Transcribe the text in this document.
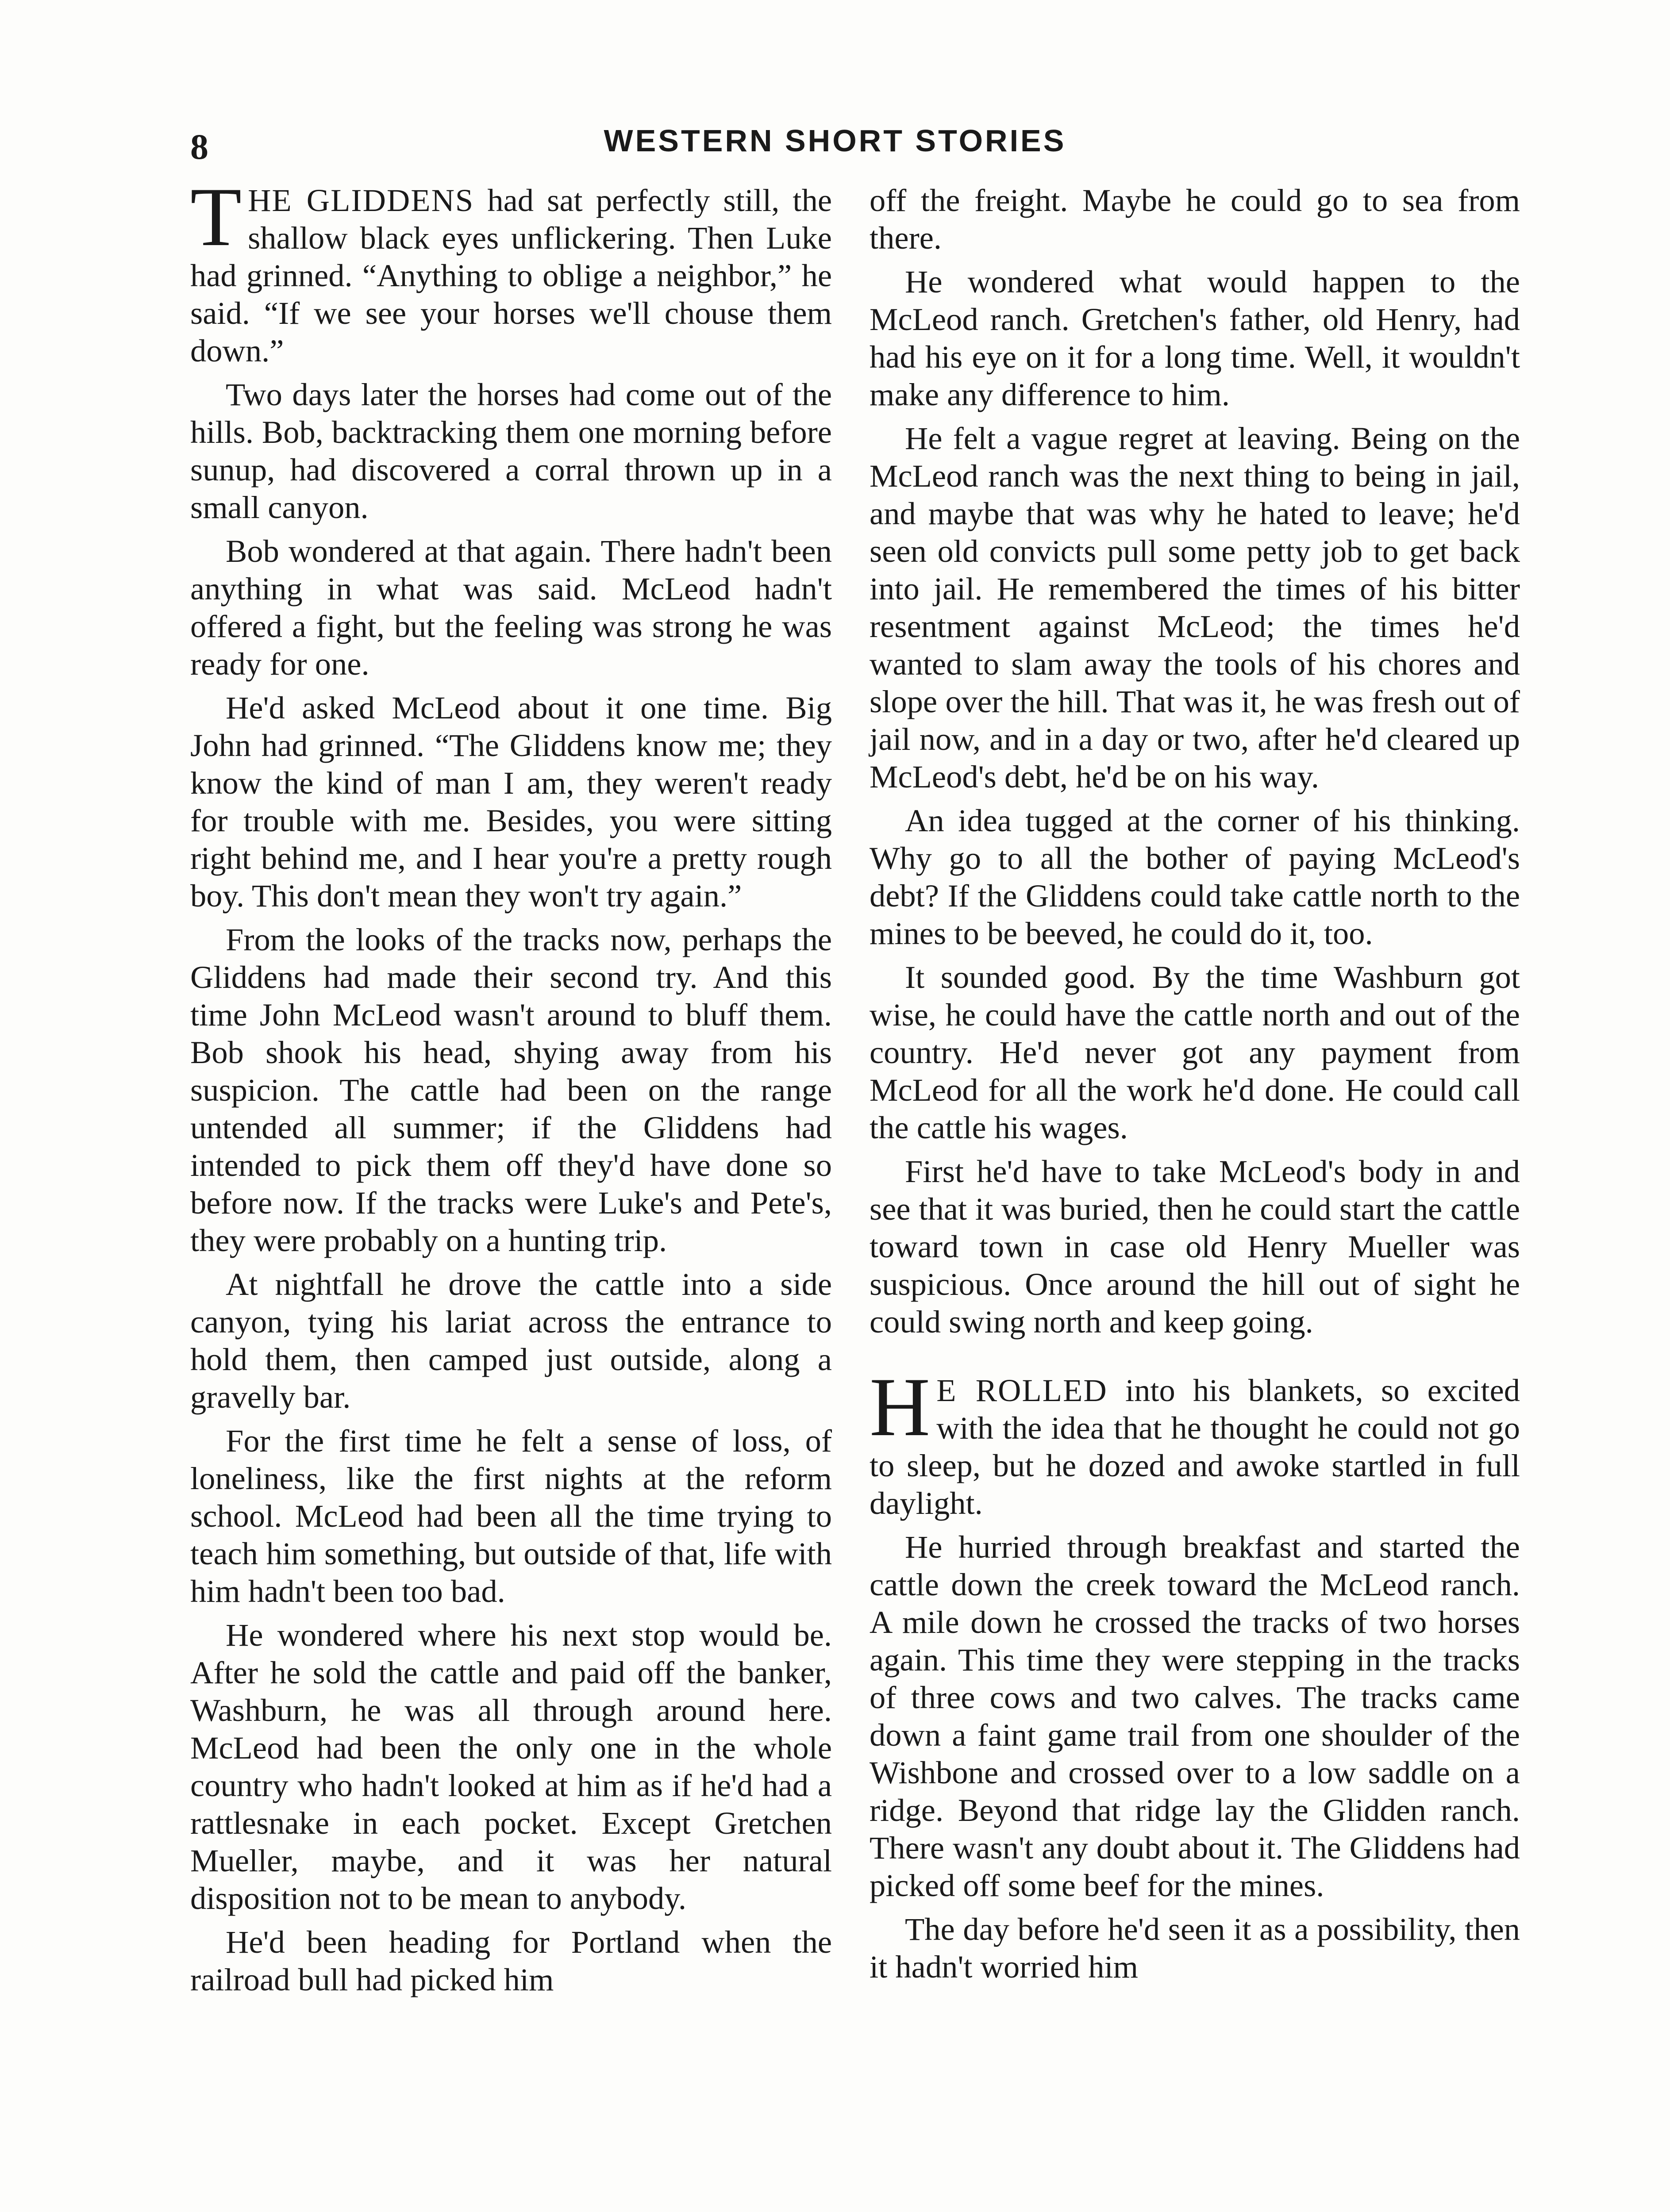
8	WESTERN SHORT STORIES

THE GLIDDENS had sat perfectly still, the shallow black eyes unflickering. Then Luke had grinned. “Anything to oblige a neighbor,” he said. “If we see your horses we'll chouse them down.”

Two days later the horses had come out of the hills. Bob, backtracking them one morning before sunup, had discovered a corral thrown up in a small canyon.

Bob wondered at that again. There hadn't been anything in what was said. McLeod hadn't offered a fight, but the feeling was strong he was ready for one.

He'd asked McLeod about it one time. Big John had grinned. “The Gliddens know me; they know the kind of man I am, they weren't ready for trouble with me. Besides, you were sitting right behind me, and I hear you're a pretty rough boy. This don't mean they won't try again.”

From the looks of the tracks now, perhaps the Gliddens had made their second try. And this time John McLeod wasn't around to bluff them. Bob shook his head, shying away from his suspicion. The cattle had been on the range untended all summer; if the Gliddens had intended to pick them off they'd have done so before now. If the tracks were Luke's and Pete's, they were probably on a hunting trip.

At nightfall he drove the cattle into a side canyon, tying his lariat across the entrance to hold them, then camped just outside, along a gravelly bar.

For the first time he felt a sense of loss, of loneliness, like the first nights at the reform school. McLeod had been all the time trying to teach him something, but outside of that, life with him hadn't been too bad.

He wondered where his next stop would be. After he sold the cattle and paid off the banker, Washburn, he was all through around here. McLeod had been the only one in the whole country who hadn't looked at him as if he'd had a rattlesnake in each pocket. Except Gretchen Mueller, maybe, and it was her natural disposition not to be mean to anybody.

He'd been heading for Portland when the railroad bull had picked him

off the freight. Maybe he could go to sea from there.

He wondered what would happen to the McLeod ranch. Gretchen's father, old Henry, had had his eye on it for a long time. Well, it wouldn't make any difference to him.

He felt a vague regret at leaving. Being on the McLeod ranch was the next thing to being in jail, and maybe that was why he hated to leave; he'd seen old convicts pull some petty job to get back into jail. He remembered the times of his bitter resentment against McLeod; the times he'd wanted to slam away the tools of his chores and slope over the hill. That was it, he was fresh out of jail now, and in a day or two, after he'd cleared up McLeod's debt, he'd be on his way.

An idea tugged at the corner of his thinking. Why go to all the bother of paying McLeod's debt? If the Gliddens could take cattle north to the mines to be beeved, he could do it, too.

It sounded good. By the time Washburn got wise, he could have the cattle north and out of the country. He'd never got any payment from McLeod for all the work he'd done. He could call the cattle his wages.

First he'd have to take McLeod's body in and see that it was buried, then he could start the cattle toward town in case old Henry Mueller was suspicious. Once around the hill out of sight he could swing north and keep going.

H E ROLLED into his blankets, so excited with the idea that he thought he could not go to sleep, but he dozed and awoke startled in full daylight.

He hurried through breakfast and started the cattle down the creek toward the McLeod ranch. A mile down he crossed the tracks of two horses again. This time they were stepping in the tracks of three cows and two calves. The tracks came down a faint game trail from one shoulder of the Wishbone and crossed over to a low saddle on a ridge. Beyond that ridge lay the Glidden ranch. There wasn't any doubt about it. The Gliddens had picked off some beef for the mines.

The day before he'd seen it as a possibility, then it hadn't worried him
